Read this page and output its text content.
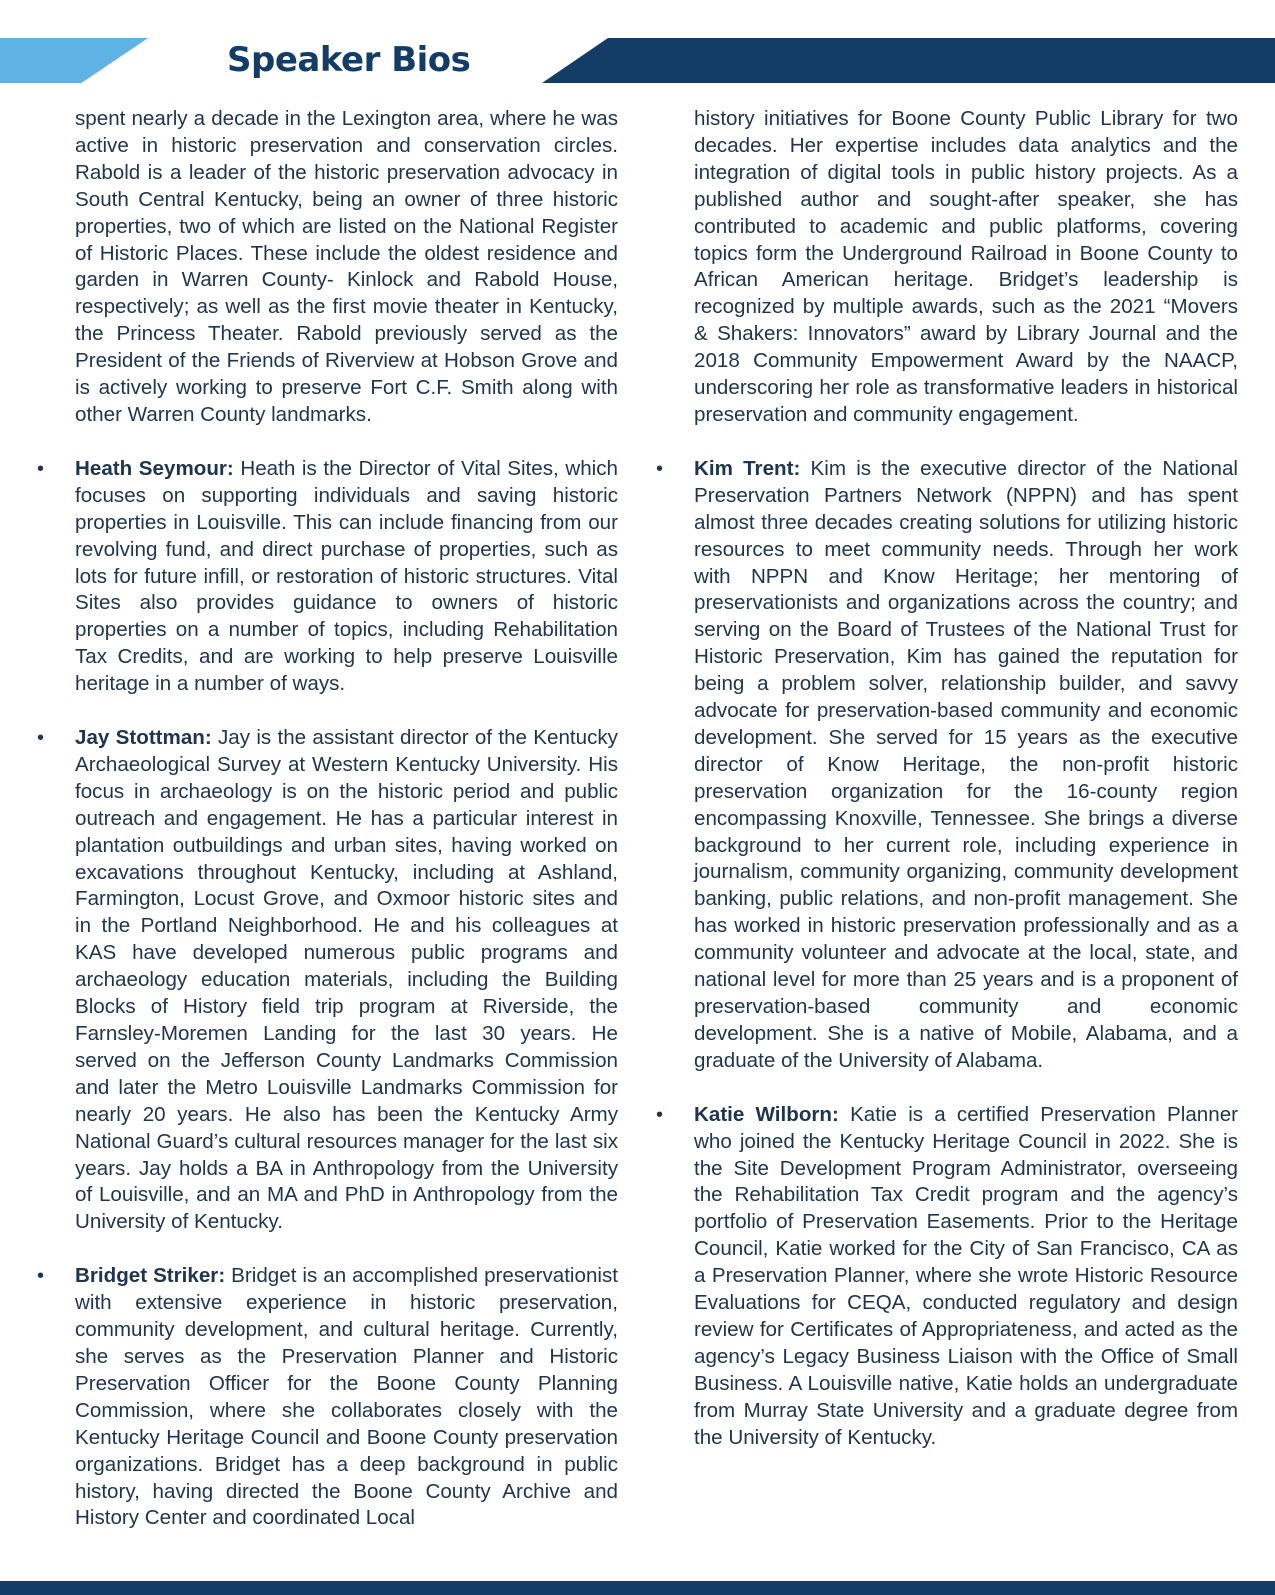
Speaker Bios

spent nearly a decade in the Lexington area, where he was active in historic preservation and conservation circles. Rabold is a leader of the historic preservation advocacy in South Central Kentucky, being an owner of three historic properties, two of which are listed on the National Register of Historic Places. These include the oldest residence and garden in Warren County- Kinlock and Rabold House, respectively; as well as the first movie theater in Kentucky, the Princess Theater. Rabold previously served as the President of the Friends of Riverview at Hobson Grove and is actively working to preserve Fort C.F. Smith along with other Warren County landmarks.

• Heath Seymour: Heath is the Director of Vital Sites, which focuses on supporting individuals and saving historic properties in Louisville. This can include financing from our revolving fund, and direct purchase of properties, such as lots for future infill, or restoration of historic structures. Vital Sites also provides guidance to owners of historic properties on a number of topics, including Rehabilitation Tax Credits, and are working to help preserve Louisville heritage in a number of ways.
• Jay Stottman: Jay is the assistant director of the Kentucky Archaeological Survey at Western Kentucky University. His focus in archaeology is on the historic period and public outreach and engagement. He has a particular interest in plantation outbuildings and urban sites, having worked on excavations throughout Kentucky, including at Ashland, Farmington, Locust Grove, and Oxmoor historic sites and in the Portland Neighborhood. He and his colleagues at KAS have developed numerous public programs and archaeology education materials, including the Building Blocks of History field trip program at Riverside, the Farnsley-Moremen Landing for the last 30 years. He served on the Jefferson County Landmarks Commission and later the Metro Louisville Landmarks Commission for nearly 20 years. He also has been the Kentucky Army National Guard’s cultural resources manager for the last six years. Jay holds a BA in Anthropology from the University of Louisville, and an MA and PhD in Anthropology from the University of Kentucky.
• Bridget Striker: Bridget is an accomplished preservationist with extensive experience in historic preservation, community development, and cultural heritage. Currently, she serves as the Preservation Planner and Historic Preservation Officer for the Boone County Planning Commission, where she collaborates closely with the Kentucky Heritage Council and Boone County preservation organizations. Bridget has a deep background in public history, having directed the Boone County Archive and History Center and coordinated Local

history initiatives for Boone County Public Library for two decades. Her expertise includes data analytics and the integration of digital tools in public history projects. As a published author and sought-after speaker, she has contributed to academic and public platforms, covering topics form the Underground Railroad in Boone County to African American heritage. Bridget’s leadership is recognized by multiple awards, such as the 2021 “Movers & Shakers: Innovators” award by Library Journal and the 2018 Community Empowerment Award by the NAACP, underscoring her role as transformative leaders in historical preservation and community engagement.

• Kim Trent: Kim is the executive director of the National Preservation Partners Network (NPPN) and has spent almost three decades creating solutions for utilizing historic resources to meet community needs. Through her work with NPPN and Know Heritage; her mentoring of preservationists and organizations across the country; and serving on the Board of Trustees of the National Trust for Historic Preservation, Kim has gained the reputation for being a problem solver, relationship builder, and savvy advocate for preservation-based community and economic development. She served for 15 years as the executive director of Know Heritage, the non-profit historic preservation organization for the 16-county region encompassing Knoxville, Tennessee. She brings a diverse background to her current role, including experience in journalism, community organizing, community development banking, public relations, and non-profit management. She has worked in historic preservation professionally and as a community volunteer and advocate at the local, state, and national level for more than 25 years and is a proponent of preservation-based community and economic development. She is a native of Mobile, Alabama, and a graduate of the University of Alabama.
• Katie Wilborn: Katie is a certified Preservation Planner who joined the Kentucky Heritage Council in 2022. She is the Site Development Program Administrator, overseeing the Rehabilitation Tax Credit program and the agency’s portfolio of Preservation Easements. Prior to the Heritage Council, Katie worked for the City of San Francisco, CA as a Preservation Planner, where she wrote Historic Resource Evaluations for CEQA, conducted regulatory and design review for Certificates of Appropriateness, and acted as the agency’s Legacy Business Liaison with the Office of Small Business. A Louisville native, Katie holds an undergraduate from Murray State University and a graduate degree from the University of Kentucky.
